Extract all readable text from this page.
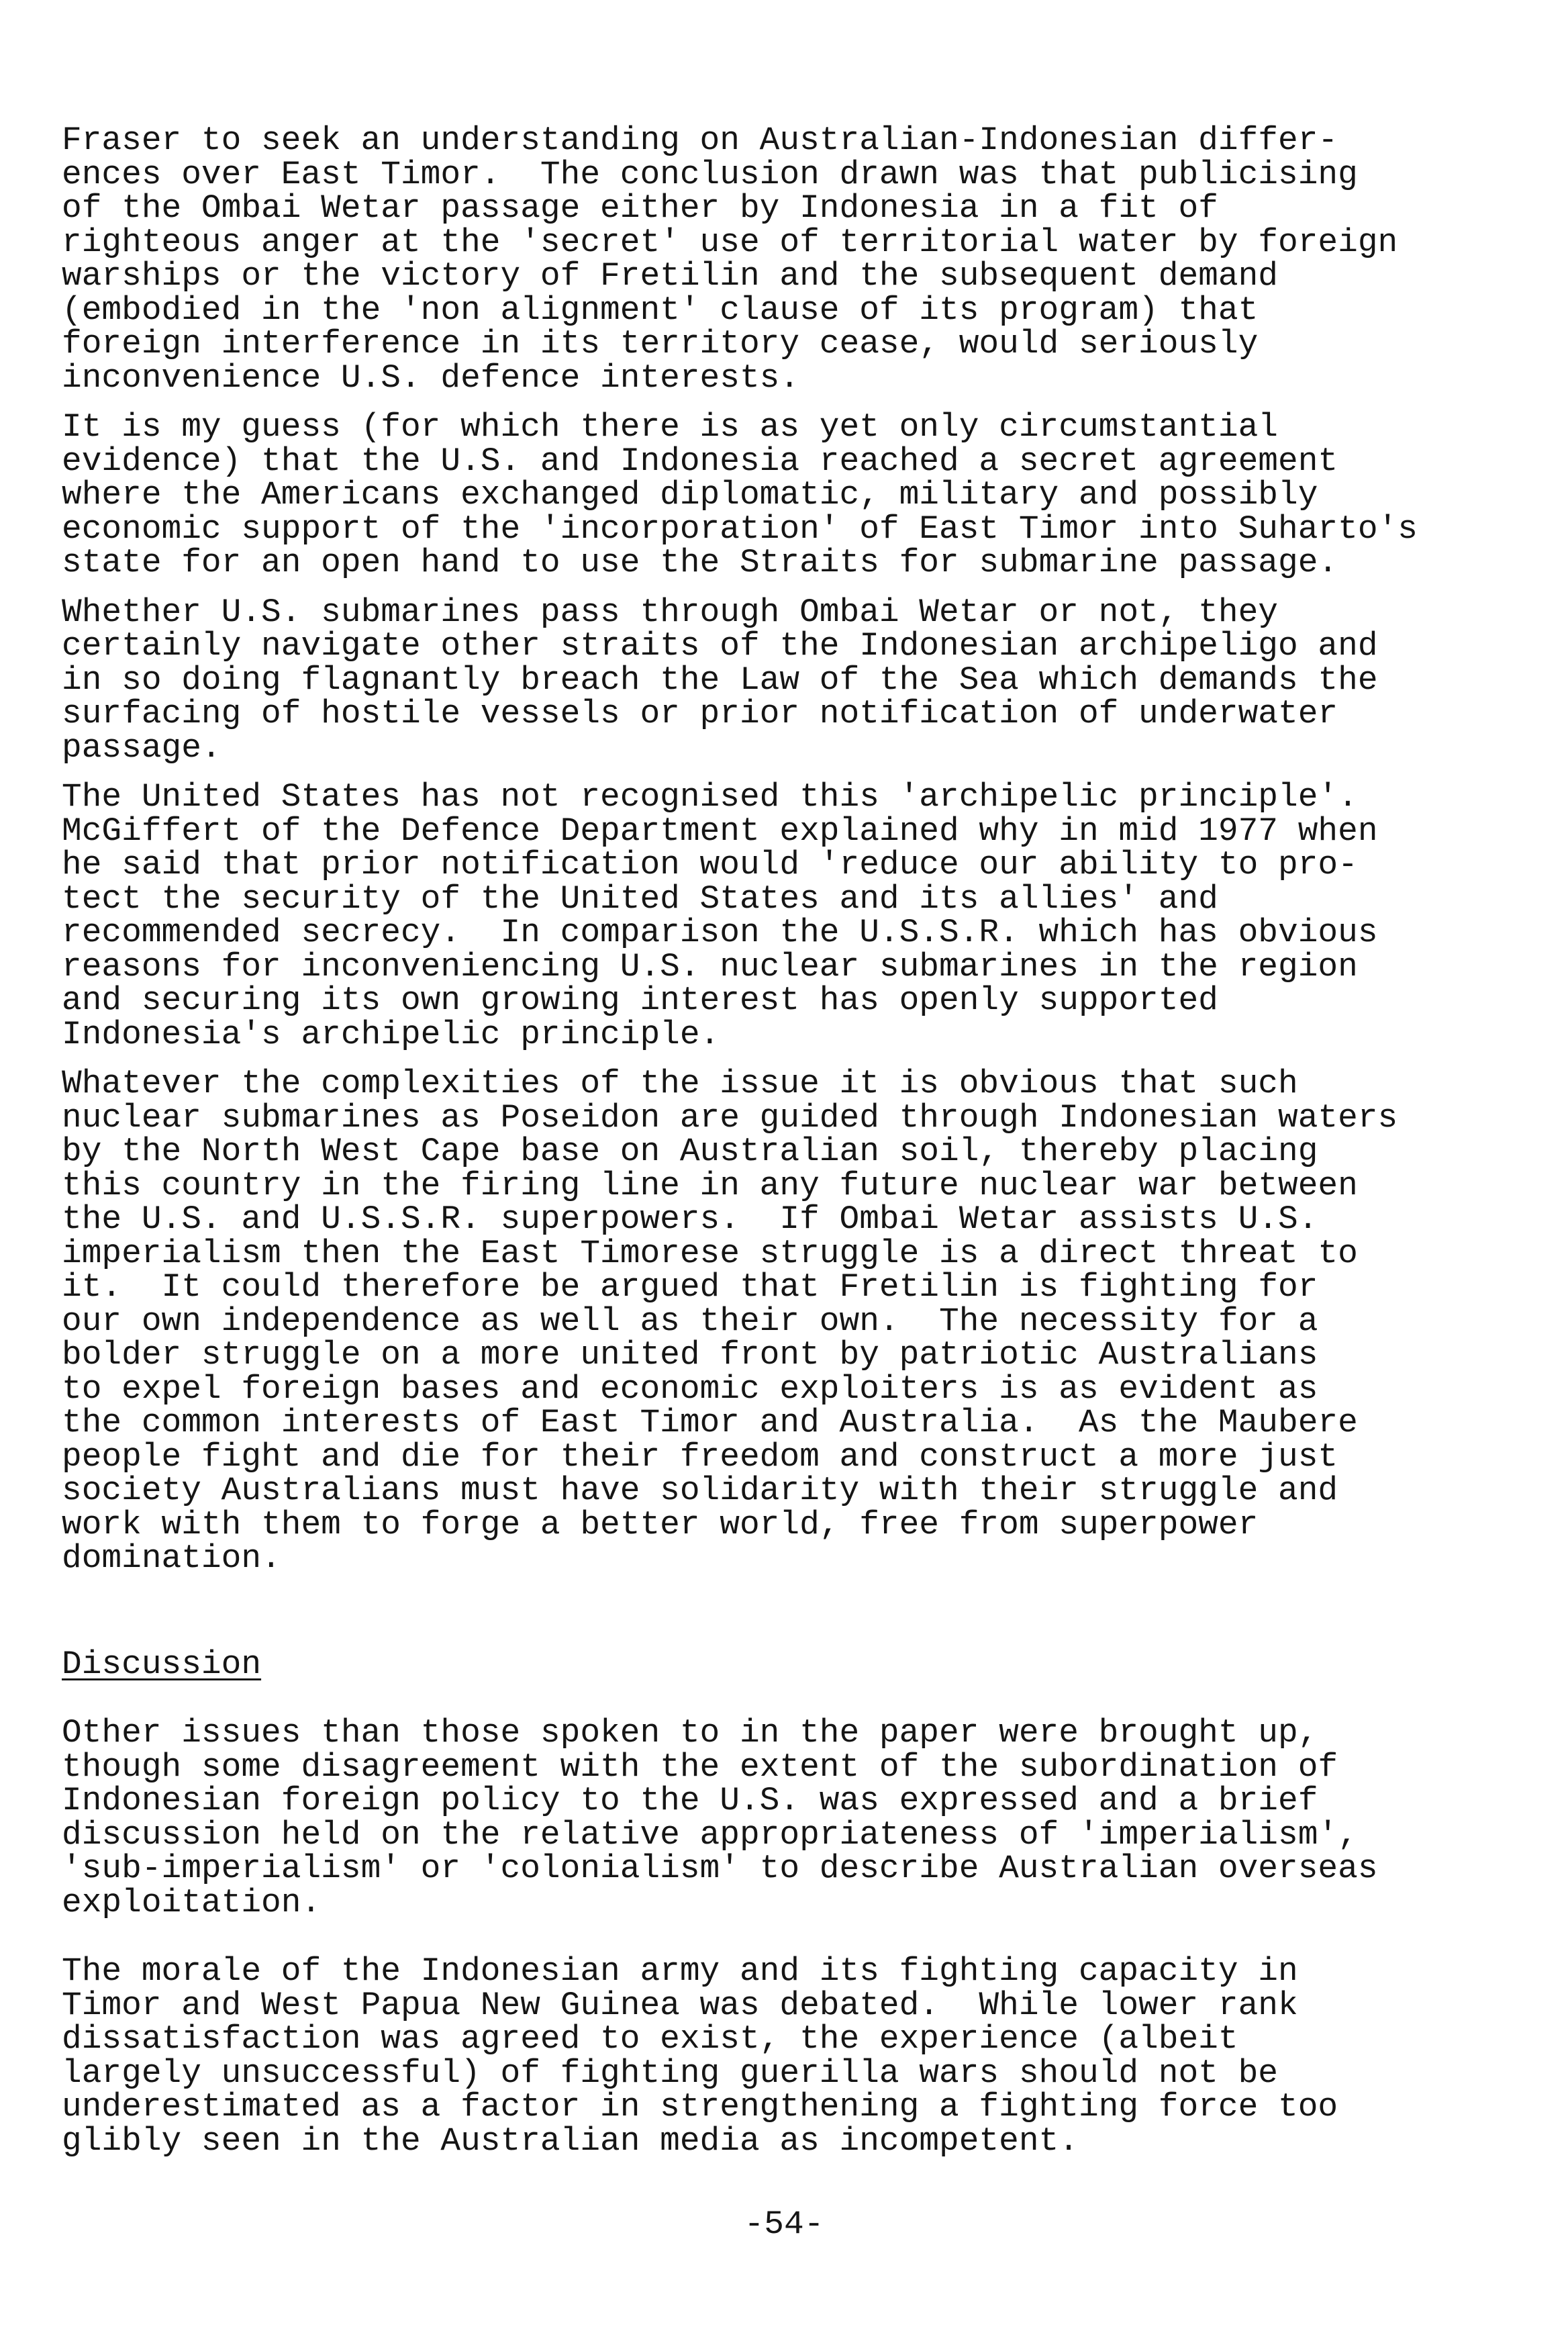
Fraser to seek an understanding on Australian-Indonesian differ-
ences over East Timor.  The conclusion drawn was that publicising
of the Ombai Wetar passage either by Indonesia in a fit of
righteous anger at the 'secret' use of territorial water by foreign
warships or the victory of Fretilin and the subsequent demand
(embodied in the 'non alignment' clause of its program) that
foreign interference in its territory cease, would seriously
inconvenience U.S. defence interests.

It is my guess (for which there is as yet only circumstantial
evidence) that the U.S. and Indonesia reached a secret agreement
where the Americans exchanged diplomatic, military and possibly
economic support of the 'incorporation' of East Timor into Suharto's
state for an open hand to use the Straits for submarine passage.

Whether U.S. submarines pass through Ombai Wetar or not, they
certainly navigate other straits of the Indonesian archipeligo and
in so doing flagnantly breach the Law of the Sea which demands the
surfacing of hostile vessels or prior notification of underwater
passage.

The United States has not recognised this 'archipelic principle'.
McGiffert of the Defence Department explained why in mid 1977 when
he said that prior notification would 'reduce our ability to pro-
tect the security of the United States and its allies' and
recommended secrecy.  In comparison the U.S.S.R. which has obvious
reasons for inconveniencing U.S. nuclear submarines in the region
and securing its own growing interest has openly supported
Indonesia's archipelic principle.

Whatever the complexities of the issue it is obvious that such
nuclear submarines as Poseidon are guided through Indonesian waters
by the North West Cape base on Australian soil, thereby placing
this country in the firing line in any future nuclear war between
the U.S. and U.S.S.R. superpowers.  If Ombai Wetar assists U.S.
imperialism then the East Timorese struggle is a direct threat to
it.  It could therefore be argued that Fretilin is fighting for
our own independence as well as their own.  The necessity for a
bolder struggle on a more united front by patriotic Australians
to expel foreign bases and economic exploiters is as evident as
the common interests of East Timor and Australia.  As the Maubere
people fight and die for their freedom and construct a more just
society Australians must have solidarity with their struggle and
work with them to forge a better world, free from superpower
domination.

Discussion

Other issues than those spoken to in the paper were brought up,
though some disagreement with the extent of the subordination of
Indonesian foreign policy to the U.S. was expressed and a brief
discussion held on the relative appropriateness of 'imperialism',
'sub-imperialism' or 'colonialism' to describe Australian overseas
exploitation.

The morale of the Indonesian army and its fighting capacity in
Timor and West Papua New Guinea was debated.  While lower rank
dissatisfaction was agreed to exist, the experience (albeit
largely unsuccessful) of fighting guerilla wars should not be
underestimated as a factor in strengthening a fighting force too
glibly seen in the Australian media as incompetent.

-54-
